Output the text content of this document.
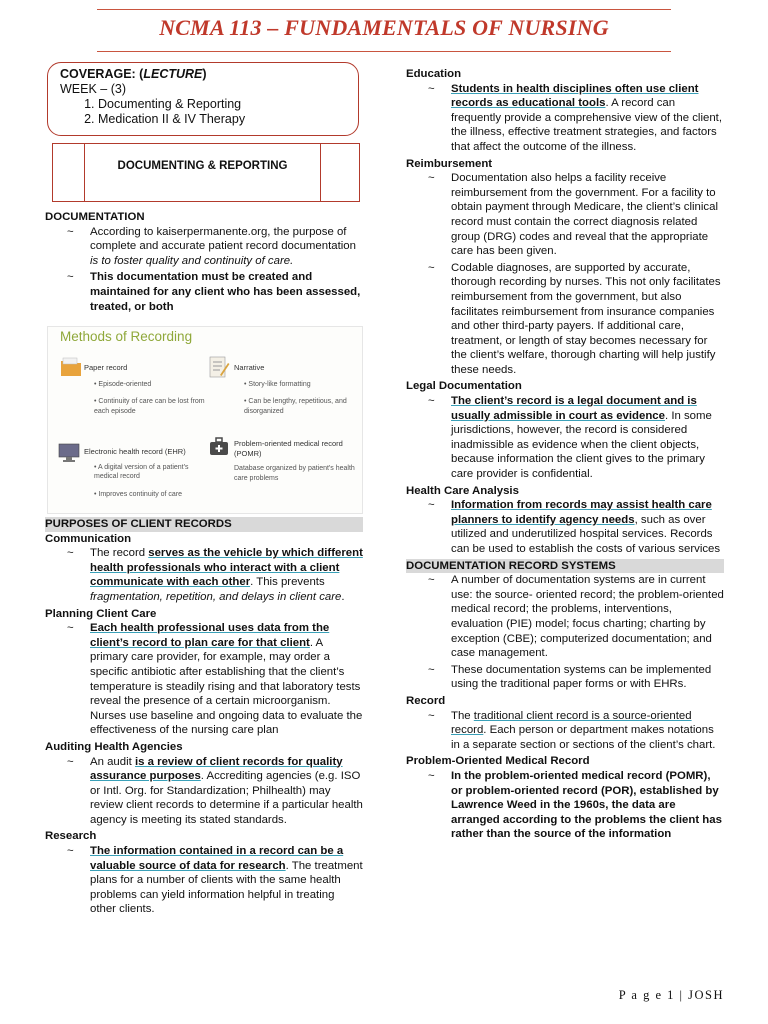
NCMA 113 – FUNDAMENTALS OF NURSING
COVERAGE: (LECTURE)
WEEK – (3)
1. Documenting & Reporting
2. Medication II & IV Therapy
DOCUMENTING & REPORTING

DOCUMENTATION

~ According to kaiserpermanente.org, the purpose of complete and accurate patient record documentation is to foster quality and continuity of care.

~ This documentation must be created and maintained for any client who has been assessed, treated, or both

Methods of Recording
Paper record
• Episode-oriented
• Continuity of care can be lost from each episode
Narrative
• Story-like formatting
• Can be lengthy, repetitious, and disorganized
Electronic health record (EHR)
• A digital version of a patient's medical record
• Improves continuity of care
Problem-oriented medical record (POMR)
Database organized by patient's health care problems

PURPOSES OF CLIENT RECORDS

Communication

~ The record serves as the vehicle by which different health professionals who interact with a client communicate with each other. This prevents fragmentation, repetition, and delays in client care.

Planning Client Care

~ Each health professional uses data from the client’s record to plan care for that client. A primary care provider, for example, may order a specific antibiotic after establishing that the client’s temperature is steadily rising and that laboratory tests reveal the presence of a certain microorganism. Nurses use baseline and ongoing data to evaluate the effectiveness of the nursing care plan

Auditing Health Agencies

~ An audit is a review of client records for quality assurance purposes. Accrediting agencies (e.g. ISO or Intl. Org. for Standardization; Philhealth) may review client records to determine if a particular health agency is meeting its stated standards.

Research

~ The information contained in a record can be a valuable source of data for research. The treatment plans for a number of clients with the same health problems can yield information helpful in treating other clients.

Education

~ Students in health disciplines often use client records as educational tools. A record can frequently provide a comprehensive view of the client, the illness, effective treatment strategies, and factors that affect the outcome of the illness.

Reimbursement

~ Documentation also helps a facility receive reimbursement from the government. For a facility to obtain payment through Medicare, the client’s clinical record must contain the correct diagnosis related group (DRG) codes and reveal that the appropriate care has been given.

~ Codable diagnoses, are supported by accurate, thorough recording by nurses. This not only facilitates reimbursement from the government, but also facilitates reimbursement from insurance companies and other third-party payers. If additional care, treatment, or length of stay becomes necessary for the client’s welfare, thorough charting will help justify these needs.

Legal Documentation

~ The client’s record is a legal document and is usually admissible in court as evidence. In some jurisdictions, however, the record is considered inadmissible as evidence when the client objects, because information the client gives to the primary care provider is confidential.

Health Care Analysis

~ Information from records may assist health care planners to identify agency needs, such as over utilized and underutilized hospital services. Records can be used to establish the costs of various services

DOCUMENTATION RECORD SYSTEMS

~ A number of documentation systems are in current use: the source- oriented record; the problem-oriented medical record; the problems, interventions, evaluation (PIE) model; focus charting; charting by exception (CBE); computerized documentation; and case management.

~ These documentation systems can be implemented using the traditional paper forms or with EHRs.

Record

~ The traditional client record is a source-oriented record. Each person or department makes notations in a separate section or sections of the client’s chart.

Problem-Oriented Medical Record

~ In the problem-oriented medical record (POMR), or problem-oriented record (POR), established by Lawrence Weed in the 1960s, the data are arranged according to the problems the client has rather than the source of the information

P a g e 1 | JOSH
